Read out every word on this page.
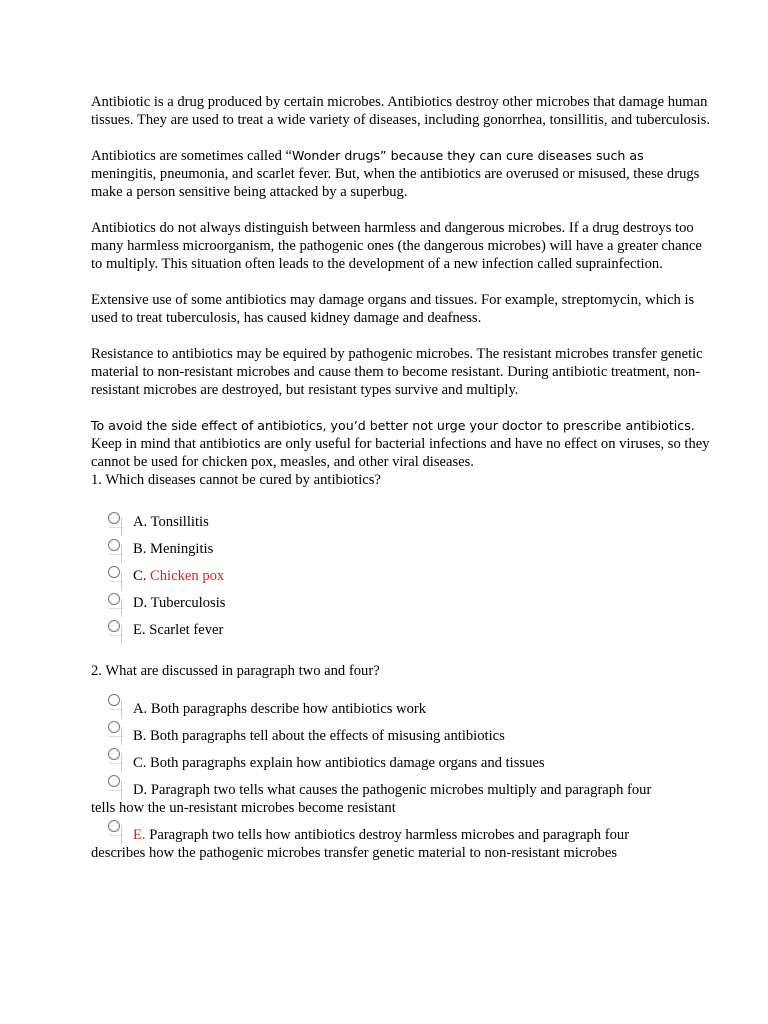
Antibiotic is a drug produced by certain microbes. Antibiotics destroy other microbes that damage human tissues. They are used to treat a wide variety of diseases, including gonorrhea, tonsillitis, and tuberculosis.

Antibiotics are sometimes called “Wonder drugs” because they can cure diseases such as meningitis, pneumonia, and scarlet fever. But, when the antibiotics are overused or misused, these drugs make a person sensitive being attacked by a superbug.

Antibiotics do not always distinguish between harmless and dangerous microbes. If a drug destroys too many harmless microorganism, the pathogenic ones (the dangerous microbes) will have a greater chance to multiply. This situation often leads to the development of a new infection called suprainfection.

Extensive use of some antibiotics may damage organs and tissues. For example, streptomycin, which is used to treat tuberculosis, has caused kidney damage and deafness.

Resistance to antibiotics may be equired by pathogenic microbes. The resistant microbes transfer genetic material to non-resistant microbes and cause them to become resistant. During antibiotic treatment, non-resistant microbes are destroyed, but resistant types survive and multiply.

To avoid the side effect of antibiotics, you’d better not urge your doctor to prescribe antibiotics. Keep in mind that antibiotics are only useful for bacterial infections and have no effect on viruses, so they cannot be used for chicken pox, measles, and other viral diseases.

1. Which diseases cannot be cured by antibiotics?

A. Tonsillitis
B. Meningitis
C. Chicken pox
D. Tuberculosis
E. Scarlet fever

2. What are discussed in paragraph two and four?

A. Both paragraphs describe how antibiotics work
B. Both paragraphs tell about the effects of misusing antibiotics
C. Both paragraphs explain how antibiotics damage organs and tissues
D. Paragraph two tells what causes the pathogenic microbes multiply and paragraph four
tells how the un-resistant microbes become resistant
E. Paragraph two tells how antibiotics destroy harmless microbes and paragraph four
describes how the pathogenic microbes transfer genetic material to non-resistant microbes
